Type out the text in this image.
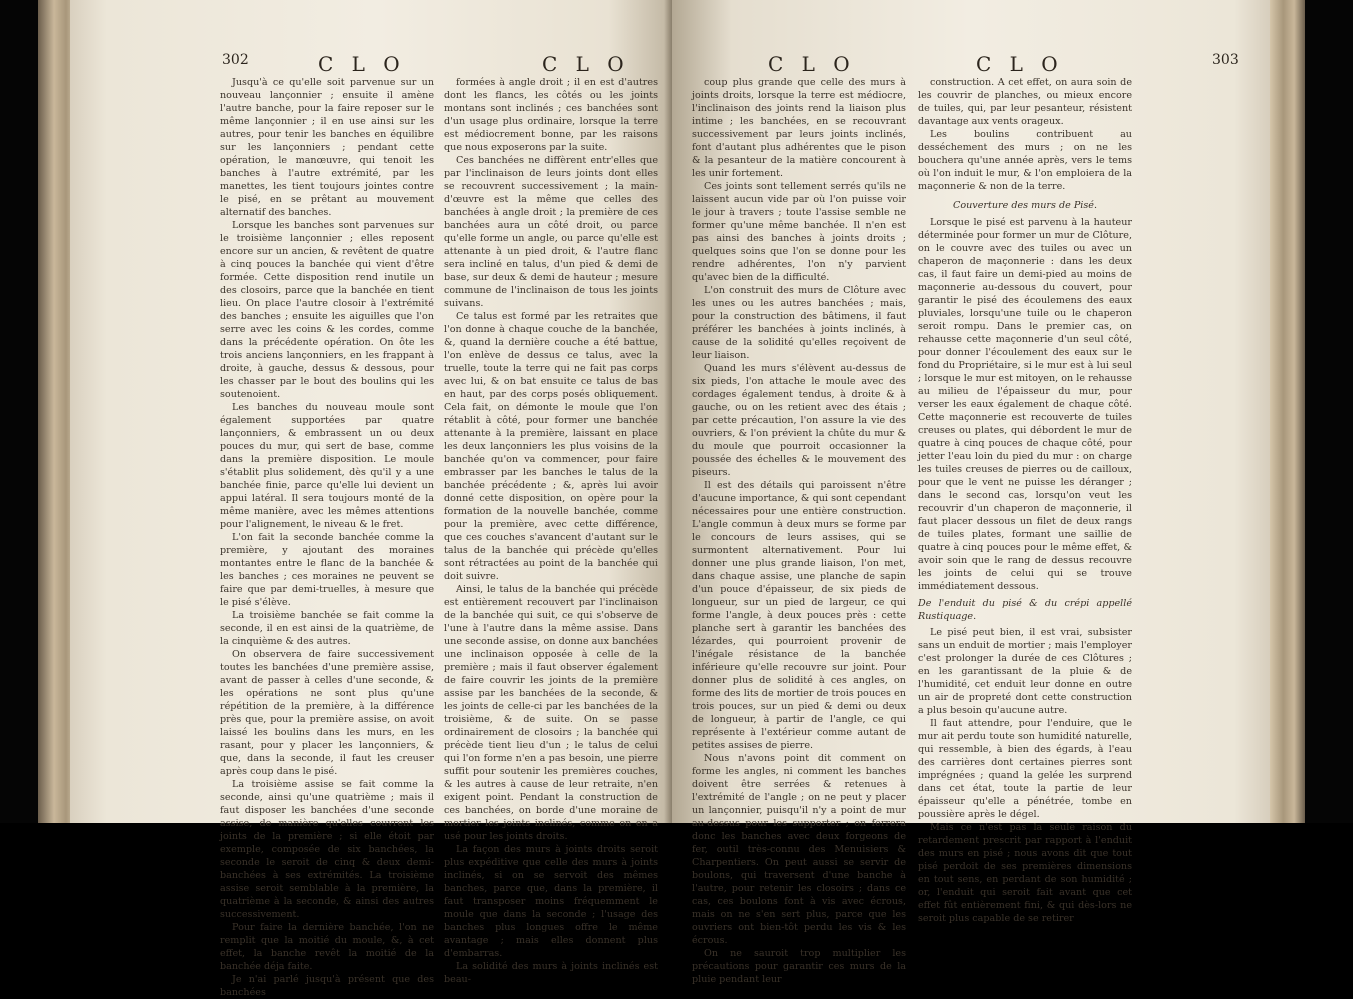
302	C L O	C L O

Jusqu'à ce qu'elle soit parvenue sur un nouveau lançonnier ; ensuite il amène l'autre banche, pour la faire reposer sur le même lançonnier ; il en use ainsi sur les autres, pour tenir les banches en équilibre sur les lançonniers ; pendant cette opération, le manœuvre, qui tenoit les banches à l'autre extrémité, par les manettes, les tient toujours jointes contre le pisé, en se prêtant au mouvement alternatif des banches.

Lorsque les banches sont parvenues sur le troisième lançonnier ; elles reposent encore sur un ancien, & revêtent de quatre à cinq pouces la banchée qui vient d'être formée. Cette disposition rend inutile un des closoirs, parce que la banchée en tient lieu. On place l'autre closoir à l'extrémité des banches ; ensuite les aiguilles que l'on serre avec les coins & les cordes, comme dans la précédente opération. On ôte les trois anciens lançonniers, en les frappant à droite, à gauche, dessus & dessous, pour les chasser par le bout des boulins qui les soutenoient.

Les banches du nouveau moule sont également supportées par quatre lançonniers, & embrassent un ou deux pouces du mur, qui sert de base, comme dans la première disposition. Le moule s'établit plus solidement, dès qu'il y a une banchée finie, parce qu'elle lui devient un appui latéral. Il sera toujours monté de la même manière, avec les mêmes attentions pour l'alignement, le niveau & le fret.

L'on fait la seconde banchée comme la première, y ajoutant des moraines montantes entre le flanc de la banchée & les banches ; ces moraines ne peuvent se faire que par demi-truelles, à mesure que le pisé s'élève.

La troisième banchée se fait comme la seconde, il en est ainsi de la quatrième, de la cinquième & des autres.

On observera de faire successivement toutes les banchées d'une première assise, avant de passer à celles d'une seconde, & les opérations ne sont plus qu'une répétition de la première, à la différence près que, pour la première assise, on avoit laissé les boulins dans les murs, en les rasant, pour y placer les lançonniers, & que, dans la seconde, il faut les creuser après coup dans le pisé.

La troisième assise se fait comme la seconde, ainsi qu'une quatrième ; mais il faut disposer les banchées d'une seconde assise, de manière qu'elles couvrent les joints de la première ; si elle étoit par exemple, composée de six banchées, la seconde le seroit de cinq & deux demi-banchées à ses extrémités. La troisième assise seroit semblable à la première, la quatrième à la seconde, & ainsi des autres successivement.

Pour faire la dernière banchée, l'on ne remplit que la moitié du moule, &, à cet effet, la banche revêt la moitié de la banchée déja faite.

Je n'ai parlé jusqu'à présent que des banchées

formées à angle droit ; il en est d'autres dont les flancs, les côtés ou les joints montans sont inclinés ; ces banchées sont d'un usage plus ordinaire, lorsque la terre est médiocrement bonne, par les raisons que nous exposerons par la suite.

Ces banchées ne diffèrent entr'elles que par l'inclinaison de leurs joints dont elles se recouvrent successivement ; la main-d'œuvre est la même que celles des banchées à angle droit ; la première de ces banchées aura un côté droit, ou parce qu'elle forme un angle, ou parce qu'elle est attenante à un pied droit, & l'autre flanc sera incliné en talus, d'un pied & demi de base, sur deux & demi de hauteur ; mesure commune de l'inclinaison de tous les joints suivans.

Ce talus est formé par les retraites que l'on donne à chaque couche de la banchée, &, quand la dernière couche a été battue, l'on enlève de dessus ce talus, avec la truelle, toute la terre qui ne fait pas corps avec lui, & on bat ensuite ce talus de bas en haut, par des corps posés obliquement. Cela fait, on démonte le moule que l'on rétablit à côté, pour former une banchée attenante à la première, laissant en place les deux lançonniers les plus voisins de la banchée qu'on va commencer, pour faire embrasser par les banches le talus de la banchée précédente ; &, après lui avoir donné cette disposition, on opère pour la formation de la nouvelle banchée, comme pour la première, avec cette différence, que ces couches s'avancent d'autant sur le talus de la banchée qui précède qu'elles sont rétractées au point de la banchée qui doit suivre.

Ainsi, le talus de la banchée qui précède est entièrement recouvert par l'inclinaison de la banchée qui suit, ce qui s'observe de l'une à l'autre dans la même assise. Dans une seconde assise, on donne aux banchées une inclinaison opposée à celle de la première ; mais il faut observer également de faire couvrir les joints de la première assise par les banchées de la seconde, & les joints de celle-ci par les banchées de la troisième, & de suite. On se passe ordinairement de closoirs ; la banchée qui précède tient lieu d'un ; le talus de celui qui l'on forme n'en a pas besoin, une pierre suffit pour soutenir les premières couches, & les autres à cause de leur retraite, n'en exigent point. Pendant la construction de ces banchées, on borde d'une moraine de mortier les joints inclinés, comme on en a usé pour les joints droits.

La façon des murs à joints droits seroit plus expéditive que celle des murs à joints inclinés, si on se servoit des mêmes banches, parce que, dans la première, il faut transposer moins fréquemment le moule que dans la seconde ; l'usage des banches plus longues offre le même avantage ; mais elles donnent plus d'embarras.

La solidité des murs à joints inclinés est beau-

C L O	C L O	303

coup plus grande que celle des murs à joints droits, lorsque la terre est médiocre, l'inclinaison des joints rend la liaison plus intime ; les banchées, en se recouvrant successivement par leurs joints inclinés, font d'autant plus adhérentes que le pison & la pesanteur de la matière concourent à les unir fortement.

Ces joints sont tellement serrés qu'ils ne laissent aucun vide par où l'on puisse voir le jour à travers ; toute l'assise semble ne former qu'une même banchée. Il n'en est pas ainsi des banches à joints droits ; quelques soins que l'on se donne pour les rendre adhérentes, l'on n'y parvient qu'avec bien de la difficulté.

L'on construit des murs de Clôture avec les unes ou les autres banchées ; mais, pour la construction des bâtimens, il faut préférer les banchées à joints inclinés, à cause de la solidité qu'elles reçoivent de leur liaison.

Quand les murs s'élèvent au-dessus de six pieds, l'on attache le moule avec des cordages également tendus, à droite & à gauche, ou on les retient avec des étais ; par cette précaution, l'on assure la vie des ouvriers, & l'on prévient la chûte du mur & du moule que pourroit occasionner la poussée des échelles & le mouvement des piseurs.

Il est des détails qui paroissent n'être d'aucune importance, & qui sont cependant nécessaires pour une entière construction. L'angle commun à deux murs se forme par le concours de leurs assises, qui se surmontent alternativement. Pour lui donner une plus grande liaison, l'on met, dans chaque assise, une planche de sapin d'un pouce d'épaisseur, de six pieds de longueur, sur un pied de largeur, ce qui forme l'angle, à deux pouces près : cette planche sert à garantir les banchées des lézardes, qui pourroient provenir de l'inégale résistance de la banchée inférieure qu'elle recouvre sur joint. Pour donner plus de solidité à ces angles, on forme des lits de mortier de trois pouces en trois pouces, sur un pied & demi ou deux de longueur, à partir de l'angle, ce qui représente à l'extérieur comme autant de petites assises de pierre.

Nous n'avons point dit comment on forme les angles, ni comment les banches doivent être serrées & retenues à l'extrémité de l'angle ; on ne peut y placer un lançonnier, puisqu'il n'y a point de mur au-dessus pour les supporter ; on ferrera donc les banches avec deux forgeons de fer, outil très-connu des Menuisiers & Charpentiers. On peut aussi se servir de boulons, qui traversent d'une banche à l'autre, pour retenir les closoirs ; dans ce cas, ces boulons font à vis avec écrous, mais on ne s'en sert plus, parce que les ouvriers ont bien-tôt perdu les vis & les écrous.

On ne sauroit trop multiplier les précautions pour garantir ces murs de la pluie pendant leur

construction. A cet effet, on aura soin de les couvrir de planches, ou mieux encore de tuiles, qui, par leur pesanteur, résistent davantage aux vents orageux.

Les boulins contribuent au desséchement des murs ; on ne les bouchera qu'une année après, vers le tems où l'on induit le mur, & l'on emploiera de la maçonnerie & non de la terre.

Couverture des murs de Pisé.

Lorsque le pisé est parvenu à la hauteur déterminée pour former un mur de Clôture, on le couvre avec des tuiles ou avec un chaperon de maçonnerie : dans les deux cas, il faut faire un demi-pied au moins de maçonnerie au-dessous du couvert, pour garantir le pisé des écoulemens des eaux pluviales, lorsqu'une tuile ou le chaperon seroit rompu. Dans le premier cas, on rehausse cette maçonnerie d'un seul côté, pour donner l'écoulement des eaux sur le fond du Propriétaire, si le mur est à lui seul ; lorsque le mur est mitoyen, on le rehausse au milieu de l'épaisseur du mur, pour verser les eaux également de chaque côté. Cette maçonnerie est recouverte de tuiles creuses ou plates, qui débordent le mur de quatre à cinq pouces de chaque côté, pour jetter l'eau loin du pied du mur : on charge les tuiles creuses de pierres ou de cailloux, pour que le vent ne puisse les déranger ; dans le second cas, lorsqu'on veut les recouvrir d'un chaperon de maçonnerie, il faut placer dessous un filet de deux rangs de tuiles plates, formant une saillie de quatre à cinq pouces pour le même effet, & avoir soin que le rang de dessus recouvre les joints de celui qui se trouve immédiatement dessous.

De l'enduit du pisé & du crépi appellé Rustiquage.

Le pisé peut bien, il est vrai, subsister sans un enduit de mortier ; mais l'employer c'est prolonger la durée de ces Clôtures ; en les garantissant de la pluie & de l'humidité, cet enduit leur donne en outre un air de propreté dont cette construction a plus besoin qu'aucune autre.

Il faut attendre, pour l'enduire, que le mur ait perdu toute son humidité naturelle, qui ressemble, à bien des égards, à l'eau des carrières dont certaines pierres sont imprégnées ; quand la gelée les surprend dans cet état, toute la partie de leur épaisseur qu'elle a pénétrée, tombe en poussière après le dégel.

Mais ce n'est pas la seule raison du retardement prescrit par rapport à l'enduit des murs en pisé ; nous avons dit que tout pisé perdoit de ses premières dimensions en tout sens, en perdant de son humidité ; or, l'enduit qui seroit fait avant que cet effet fût entièrement fini, & qui dès-lors ne seroit plus capable de se retirer
